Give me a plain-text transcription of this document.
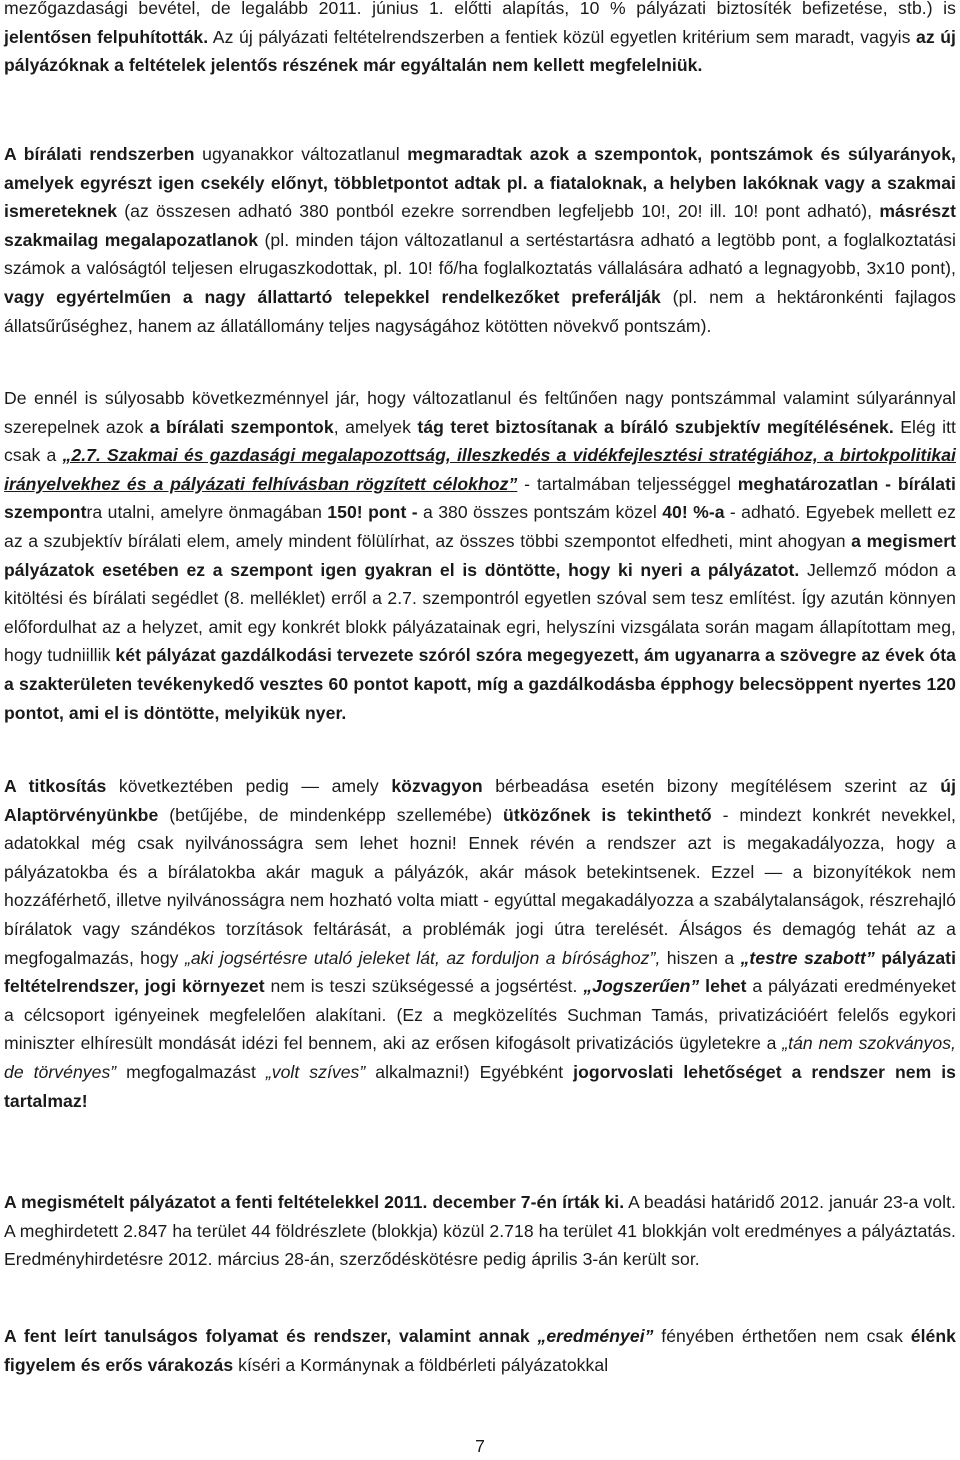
mezőgazdasági bevétel, de legalább 2011. június 1. előtti alapítás, 10 % pályázati biztosíték befizetése, stb.) is jelentősen felpuhították. Az új pályázati feltételrendszerben a fentiek közül egyetlen kritérium sem maradt, vagyis az új pályázóknak a feltételek jelentős részének már egyáltalán nem kellett megfelelniük.

A bírálati rendszerben ugyanakkor változatlanul megmaradtak azok a szempontok, pontszámok és súlyarányok, amelyek egyrészt igen csekély előnyt, többletpontot adtak pl. a fiataloknak, a helyben lakóknak vagy a szakmai ismereteknek (az összesen adható 380 pontból ezekre sorrendben legfeljebb 10!, 20! ill. 10! pont adható), másrészt szakmailag megalapozatlanok (pl. minden tájon változatlanul a sertéstartásra adható a legtöbb pont, a foglalkoztatási számok a valóságtól teljesen elrugaszkodottak, pl. 10! fő/ha foglalkoztatás vállalására adható a legnagyobb, 3x10 pont), vagy egyértelműen a nagy állattartó telepekkel rendelkezőket preferálják (pl. nem a hektáronkénti fajlagos állatsűrűséghez, hanem az állatállomány teljes nagyságához kötötten növekvő pontszám).

De ennél is súlyosabb következménnyel jár, hogy változatlanul és feltűnően nagy pontszámmal valamint súlyaránnyal szerepelnek azok a bírálati szempontok, amelyek tág teret biztosítanak a bíráló szubjektív megítélésének. Elég itt csak a „2.7. Szakmai és gazdasági megalapozottság, illeszkedés a vidékfejlesztési stratégiához, a birtokpolitikai irányelvekhez és a pályázati felhívásban rögzített célokhoz” - tartalmában teljességgel meghatározatlan - bírálati szempontra utalni, amelyre önmagában 150! pont - a 380 összes pontszám közel 40! %-a - adható. Egyebek mellett ez az a szubjektív bírálati elem, amely mindent fölülírhat, az összes többi szempontot elfedheti, mint ahogyan a megismert pályázatok esetében ez a szempont igen gyakran el is döntötte, hogy ki nyeri a pályázatot. Jellemző módon a kitöltési és bírálati segédlet (8. melléklet) erről a 2.7. szempontról egyetlen szóval sem tesz említést. Így azután könnyen előfordulhat az a helyzet, amit egy konkrét blokk pályázatainak egri, helyszíni vizsgálata során magam állapítottam meg, hogy tudniillik két pályázat gazdálkodási tervezete szóról szóra megegyezett, ám ugyanarra a szövegre az évek óta a szakterületen tevékenykedő vesztes 60 pontot kapott, míg a gazdálkodásba épphogy belecsöppent nyertes 120 pontot, ami el is döntötte, melyikük nyer.

A titkosítás következtében pedig — amely közvagyon bérbeadása esetén bizony megítélésem szerint az új Alaptörvényünkbe (betűjébe, de mindenképp szellemébe) ütközőnek is tekinthető - mindezt konkrét nevekkel, adatokkal még csak nyilvánosságra sem lehet hozni! Ennek révén a rendszer azt is megakadályozza, hogy a pályázatokba és a bírálatokba akár maguk a pályázók, akár mások betekintsenek. Ezzel — a bizonyítékok nem hozzáférhető, illetve nyilvánosságra nem hozható volta miatt - egyúttal megakadályozza a szabálytalanságok, részrehajló bírálatok vagy szándékos torzítások feltárását, a problémák jogi útra terelését. Álságos és demagóg tehát az a megfogalmazás, hogy „aki jogsértésre utaló jeleket lát, az forduljon a bírósághoz”, hiszen a „testre szabott” pályázati feltételrendszer, jogi környezet nem is teszi szükségessé a jogsértést. „Jogszerűen” lehet a pályázati eredményeket a célcsoport igényeinek megfelelően alakítani. (Ez a megközelítés Suchman Tamás, privatizációért felelős egykori miniszter elhíresült mondását idézi fel bennem, aki az erősen kifogásolt privatizációs ügyletekre a „tán nem szokványos, de törvényes” megfogalmazást „volt szíves” alkalmazni!) Egyébként jogorvoslati lehetőséget a rendszer nem is tartalmaz!

A megismételt pályázatot a fenti feltételekkel 2011. december 7-én írták ki. A beadási határidő 2012. január 23-a volt. A meghirdetett 2.847 ha terület 44 földrészlete (blokkja) közül 2.718 ha terület 41 blokkján volt eredményes a pályáztatás. Eredményhirdetésre 2012. március 28-án, szerződéskötésre pedig április 3-án került sor.

A fent leírt tanulságos folyamat és rendszer, valamint annak „eredményei” fényében érthetően nem csak élénk figyelem és erős várakozás kíséri a Kormánynak a földbérleti pályázatokkal

7
